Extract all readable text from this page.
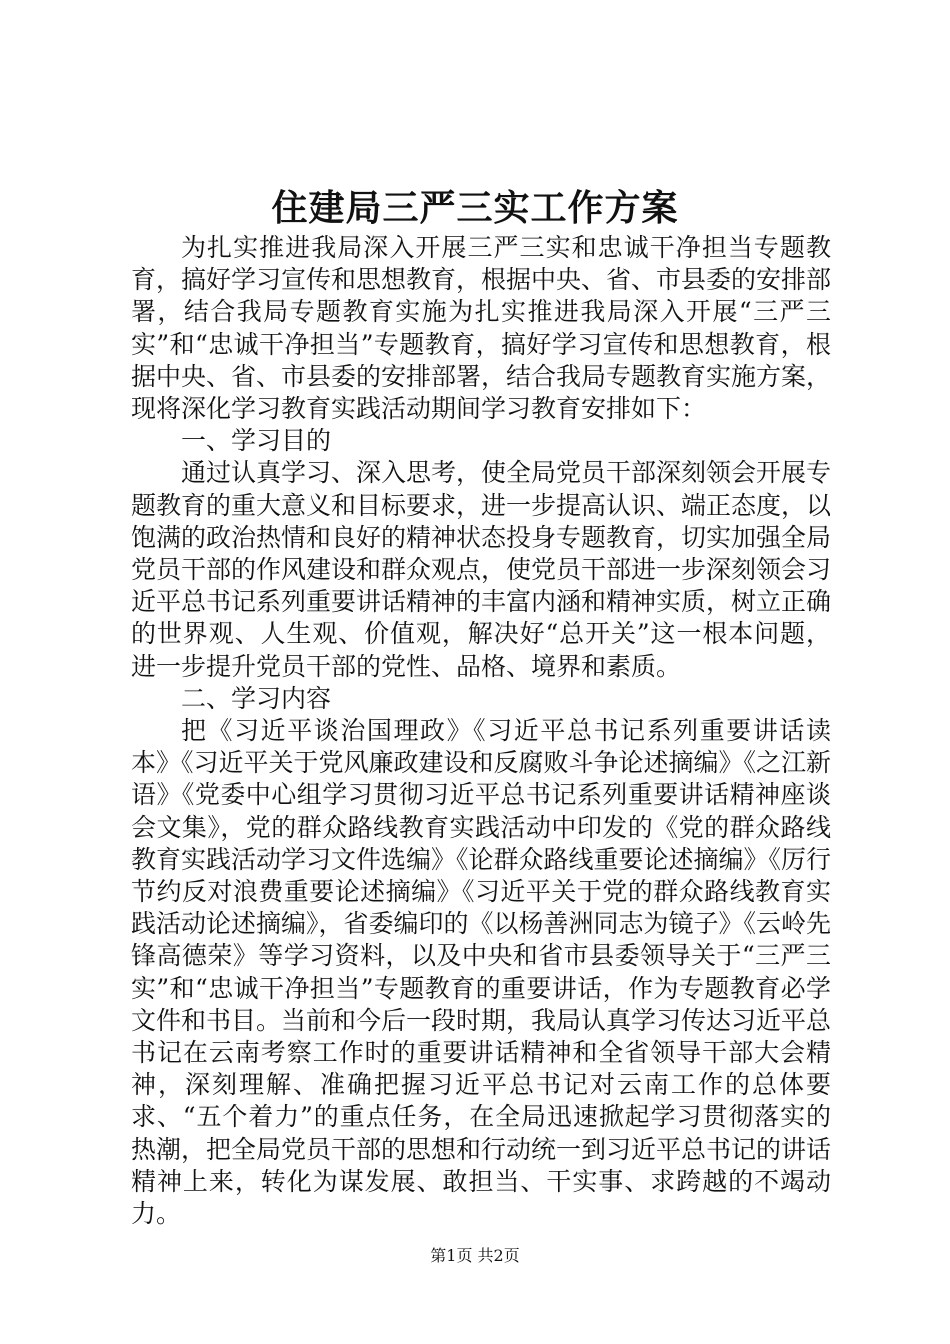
住建局三严三实工作方案

为扎实推进我局深入开展三严三实和忠诚干净担当专题教育，搞好学习宣传和思想教育，根据中央、省、市县委的安排部署，结合我局专题教育实施为扎实推进我局深入开展“三严三实”和“忠诚干净担当”专题教育，搞好学习宣传和思想教育，根据中央、省、市县委的安排部署，结合我局专题教育实施方案，现将深化学习教育实践活动期间学习教育安排如下：

一、学习目的

通过认真学习、深入思考，使全局党员干部深刻领会开展专题教育的重大意义和目标要求，进一步提高认识、端正态度，以饱满的政治热情和良好的精神状态投身专题教育，切实加强全局党员干部的作风建设和群众观点，使党员干部进一步深刻领会习近平总书记系列重要讲话精神的丰富内涵和精神实质，树立正确的世界观、人生观、价值观，解决好“总开关”这一根本问题，进一步提升党员干部的党性、品格、境界和素质。

二、学习内容

把《习近平谈治国理政》《习近平总书记系列重要讲话读本》《习近平关于党风廉政建设和反腐败斗争论述摘编》《之江新语》《党委中心组学习贯彻习近平总书记系列重要讲话精神座谈会文集》，党的群众路线教育实践活动中印发的《党的群众路线教育实践活动学习文件选编》《论群众路线重要论述摘编》《厉行节约反对浪费重要论述摘编》《习近平关于党的群众路线教育实践活动论述摘编》，省委编印的《以杨善洲同志为镜子》《云岭先锋高德荣》等学习资料，以及中央和省市县委领导关于“三严三实”和“忠诚干净担当”专题教育的重要讲话，作为专题教育必学文件和书目。当前和今后一段时期，我局认真学习传达习近平总书记在云南考察工作时的重要讲话精神和全省领导干部大会精神，深刻理解、准确把握习近平总书记对云南工作的总体要求、“五个着力”的重点任务，在全局迅速掀起学习贯彻落实的热潮，把全局党员干部的思想和行动统一到习近平总书记的讲话精神上来，转化为谋发展、敢担当、干实事、求跨越的不竭动力。

第1页 共2页
